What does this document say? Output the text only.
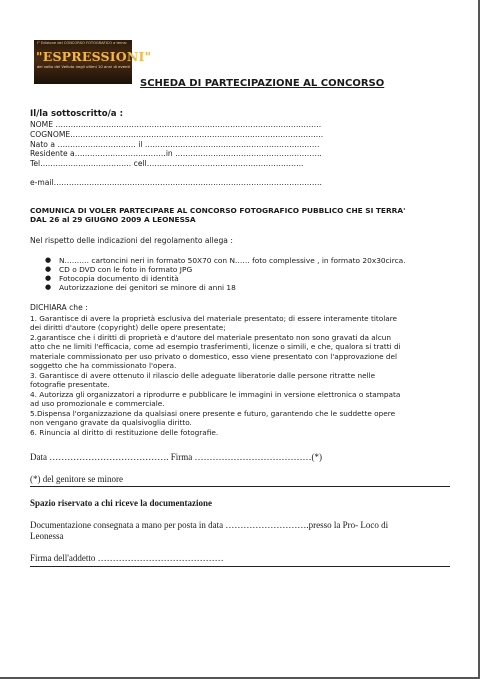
I° Edizione del CONCORSO FOTOGRAFICO a tema:
"ESPRESSIONI"
del volto del Velluto negli ultimi 10 anni di eventi
SCHEDA DI PARTECIPAZIONE AL CONCORSO
Il/la sottoscritto/a :
NOME ……………………………………………………………………………………………
COGNOME……………………………………………………………………………………….
Nato a …………………………. il ……………………………………………………………
Residente a………………………………in ………………………………………………….
Tel……………………………… cell……………………………………………………..
e-mail…………………………………………………………………………………………….
COMUNICA DI VOLER PARTECIPARE AL CONCORSO FOTOGRAFICO PUBBLICO CHE SI TERRA'
DAL 26 al 29 GIUGNO 2009 A LEONESSA
Nel rispetto delle indicazioni del regolamento allega :
● N.……… cartoncini neri in formato 50X70 con N…… foto complessive , in formato 20x30circa.
● CD o DVD con le foto in formato JPG
● Fotocopia documento di identità
● Autorizzazione dei genitori se minore di anni 18
DICHIARA che :
1. Garantisce di avere la proprietà esclusiva del materiale presentato; di essere interamente titolare
dei diritti d'autore (copyright) delle opere presentate;
2.garantisce che i diritti di proprietà e d'autore del materiale presentato non sono gravati da alcun
atto che ne limiti l'efficacia, come ad esempio trasferimenti, licenze o simili, e che, qualora si tratti di
materiale commissionato per uso privato o domestico, esso viene presentato con l'approvazione del
soggetto che ha commissionato l'opera.
3. Garantisce di avere ottenuto il rilascio delle adeguate liberatorie dalle persone ritratte nelle
fotografie presentate.
4. Autorizza gli organizzatori a riprodurre e pubblicare le immagini in versione elettronica o stampata
ad uso promozionale e commerciale.
5.Dispensa l'organizzazione da qualsiasi onere presente e futuro, garantendo che le suddette opere
non vengano gravate da qualsivoglia diritto.
6. Rinuncia al diritto di restituzione delle fotografie.
Data …………………………………. Firma …………………………………(*)
(*) del genitore se minore
Spazio riservato a chi riceve la documentazione
Documentazione consegnata a mano per posta in data ……………………….presso la Pro- Loco di
Leonessa
Firma dell'addetto ……………………………………
